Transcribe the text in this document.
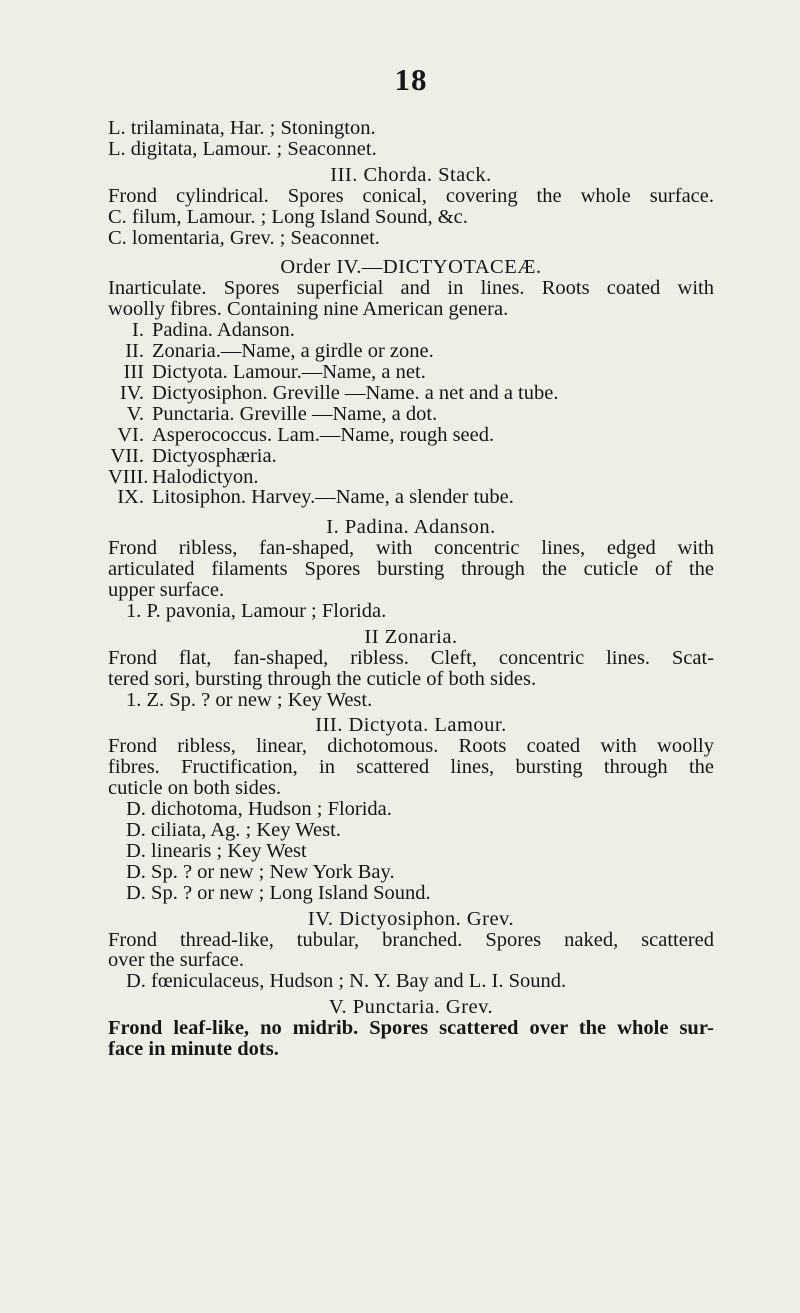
18
L. trilaminata, Har. ; Stonington.
L. digitata, Lamour. ; Seaconnet.
III. Chorda. Stack.
Frond cylindrical. Spores conical, covering the whole surface.
C. filum, Lamour. ; Long Island Sound, &c.
C. lomentaria, Grev. ; Seaconnet.
Order IV.—DICTYOTACEÆ.
Inarticulate. Spores superficial and in lines. Roots coated with
woolly fibres. Containing nine American genera.
I. Padina. Adanson.
II. Zonaria.—Name, a girdle or zone.
III Dictyota. Lamour.—Name, a net.
IV. Dictyosiphon. Greville —Name. a net and a tube.
V. Punctaria. Greville —Name, a dot.
VI. Asperococcus. Lam.—Name, rough seed.
VII. Dictyosphæria.
VIII. Halodictyon.
IX. Litosiphon. Harvey.—Name, a slender tube.
I. Padina. Adanson.
Frond ribless, fan-shaped, with concentric lines, edged with
articulated filaments Spores bursting through the cuticle of the
upper surface.
1. P. pavonia, Lamour ; Florida.
II Zonaria.
Frond flat, fan-shaped, ribless. Cleft, concentric lines. Scat-
tered sori, bursting through the cuticle of both sides.
1. Z. Sp. ? or new ; Key West.
III. Dictyota. Lamour.
Frond ribless, linear, dichotomous. Roots coated with woolly
fibres. Fructification, in scattered lines, bursting through the
cuticle on both sides.
D. dichotoma, Hudson ; Florida.
D. ciliata, Ag. ; Key West.
D. linearis ; Key West
D. Sp. ? or new ; New York Bay.
D. Sp. ? or new ; Long Island Sound.
IV. Dictyosiphon. Grev.
Frond thread-like, tubular, branched. Spores naked, scattered
over the surface.
D. fœniculaceus, Hudson ; N. Y. Bay and L. I. Sound.
V. Punctaria. Grev.
Frond leaf-like, no midrib. Spores scattered over the whole sur-
face in minute dots.
